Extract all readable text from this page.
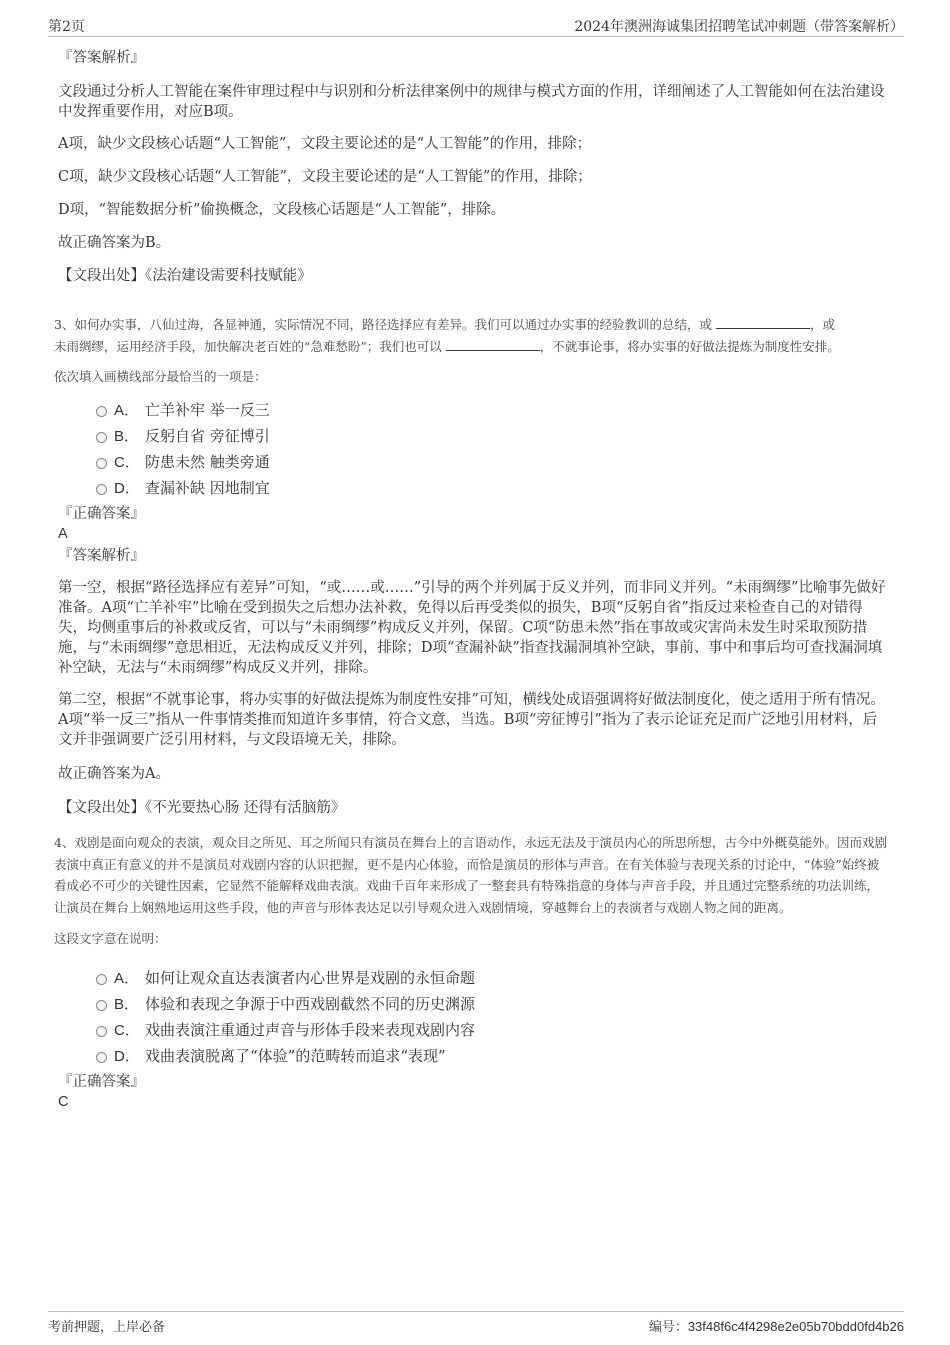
第2页	2024年澳洲海诚集团招聘笔试冲刺题（带答案解析）

『答案解析』

文段通过分析人工智能在案件审理过程中与识别和分析法律案例中的规律与模式方面的作用，详细阐述了人工智能如何在法治建设中发挥重要作用，对应B项。

A项，缺少文段核心话题“人工智能”，文段主要论述的是“人工智能”的作用，排除；

C项，缺少文段核心话题“人工智能”，文段主要论述的是“人工智能”的作用，排除；

D项，“智能数据分析”偷换概念，文段核心话题是“人工智能”，排除。

故正确答案为B。

【文段出处】《法治建设需要科技赋能》

3、如何办实事，八仙过海，各显神通，实际情况不同，路径选择应有差异。我们可以通过办实事的经验教训的总结，或	，或
未雨绸缪，运用经济手段，加快解决老百姓的“急难愁盼”；我们也可以	，不就事论事，将办实事的好做法提炼为制度性安排。

依次填入画横线部分最恰当的一项是：

A． 亡羊补牢 举一反三
B． 反躬自省 旁征博引
C． 防患未然 触类旁通
D． 查漏补缺 因地制宜

『正确答案』

A

『答案解析』

第一空，根据“路径选择应有差异”可知，“或……或……”引导的两个并列属于反义并列，而非同义并列。“未雨绸缪”比喻事先做好准备。A项“亡羊补牢”比喻在受到损失之后想办法补救，免得以后再受类似的损失，B项“反躬自省”指反过来检查自己的对错得失，均侧重事后的补救或反省，可以与“未雨绸缪”构成反义并列，保留。C项“防患未然”指在事故或灾害尚未发生时采取预防措施，与“未雨绸缪”意思相近，无法构成反义并列，排除；D项“查漏补缺”指查找漏洞填补空缺，事前、事中和事后均可查找漏洞填补空缺，无法与“未雨绸缪”构成反义并列，排除。

第二空，根据“不就事论事，将办实事的好做法提炼为制度性安排”可知，横线处成语强调将好做法制度化，使之适用于所有情况。A项“举一反三”指从一件事情类推而知道许多事情，符合文意，当选。B项“旁征博引”指为了表示论证充足而广泛地引用材料，后文并非强调要广泛引用材料，与文段语境无关，排除。

故正确答案为A。

【文段出处】《不光要热心肠 还得有活脑筋》

4、戏剧是面向观众的表演，观众目之所见、耳之所闻只有演员在舞台上的言语动作，永远无法及于演员内心的所思所想，古今中外概莫能外。因而戏剧表演中真正有意义的并不是演员对戏剧内容的认识把握，更不是内心体验，而恰是演员的形体与声音。在有关体验与表现关系的讨论中，“体验”始终被看成必不可少的关键性因素，它显然不能解释戏曲表演。戏曲千百年来形成了一整套具有特殊指意的身体与声音手段，并且通过完整系统的功法训练，让演员在舞台上娴熟地运用这些手段，他的声音与形体表达足以引导观众进入戏剧情境，穿越舞台上的表演者与戏剧人物之间的距离。

这段文字意在说明：

A． 如何让观众直达表演者内心世界是戏剧的永恒命题
B． 体验和表现之争源于中西戏剧截然不同的历史渊源
C． 戏曲表演注重通过声音与形体手段来表现戏剧内容
D． 戏曲表演脱离了“体验”的范畴转而追求“表现”

『正确答案』

C

考前押题，上岸必备	编号：33f48f6c4f4298e2e05b70bdd0fd4b26
